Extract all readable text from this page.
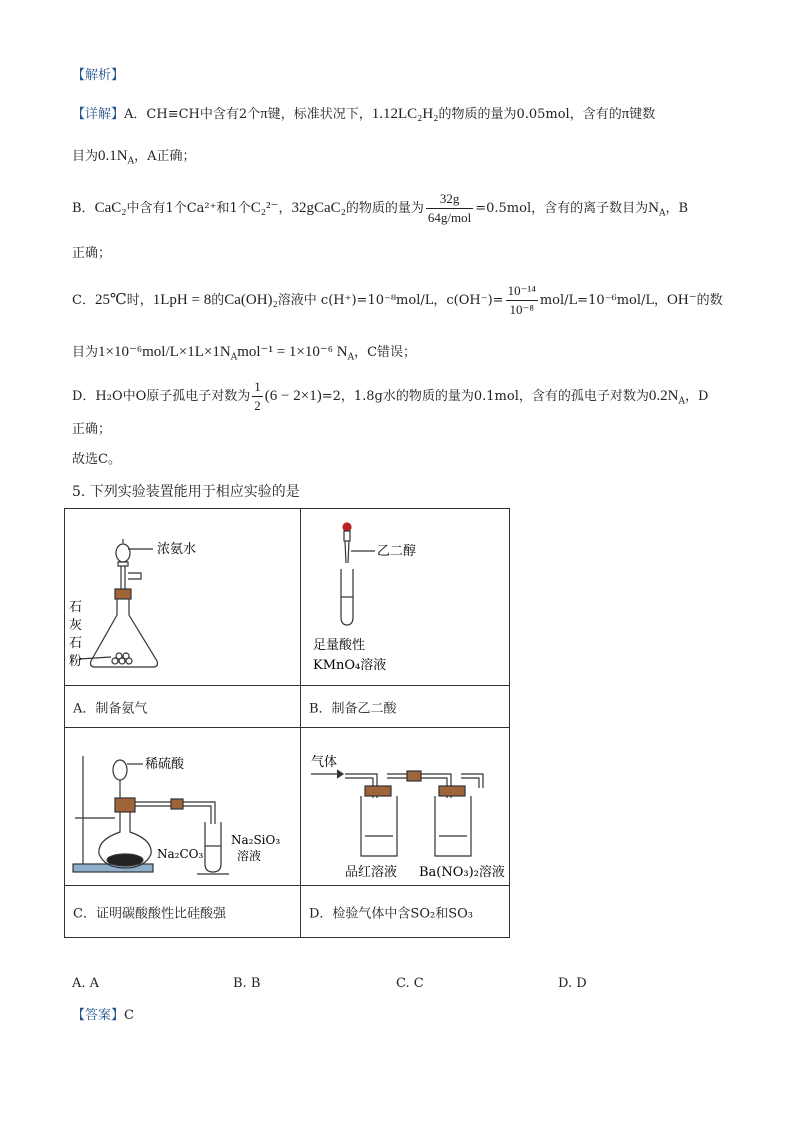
【解析】
【详解】A．CH≡CH中含有2个π键，标准状况下，1.12LC₂H₂的物质的量为0.05mol，含有的π键数
目为$0.1N_A$，A正确；
B．CaC₂中含有1个Ca²⁺和1个C₂²⁻，32gCaC₂的物质的量为 $\frac{32g}{\text{64g/mol}} =0.5mol$，含有的离子数目为$N_A$，B
正确；
C．25℃时，1LpH = 8的Ca(OH)₂溶液中 c(H⁺)=10⁻⁸mol/L，$c(OH^-)= \frac{\text{10⁻¹⁴}}{\text{10⁻⁸}} mol/L=10^{-6}mol/L$，OH⁻的数
目为$1\times 10^{-6}mol/L\times 1L\times 1N_Amol^{-1} = 1\times 10^{-6}$ $N_A$，C错误；
D．H₂O中O原子孤电子对数为 $\frac{1}{2} (6 - 2\times 1)=2$，1.8g水的物质的量为0.1mol，含有的孤电子对数为$0.2N_A$，D
正确；
故选C。
5. 下列实验装置能用于相应实验的是
浓氨水
石
灰
石
粉
乙二醇
足量酸性
KMnO₄溶液
A．制备氨气	B．制备乙二酸
稀硫酸
Na₂SiO₃
溶液
Na₂CO₃
气体
品红溶液 Ba(NO₃)₂溶液
C．证明碳酸酸性比硅酸强	D．检验气体中含SO₂和SO₃
A. A	B. B	C. C	D. D
【答案】C
